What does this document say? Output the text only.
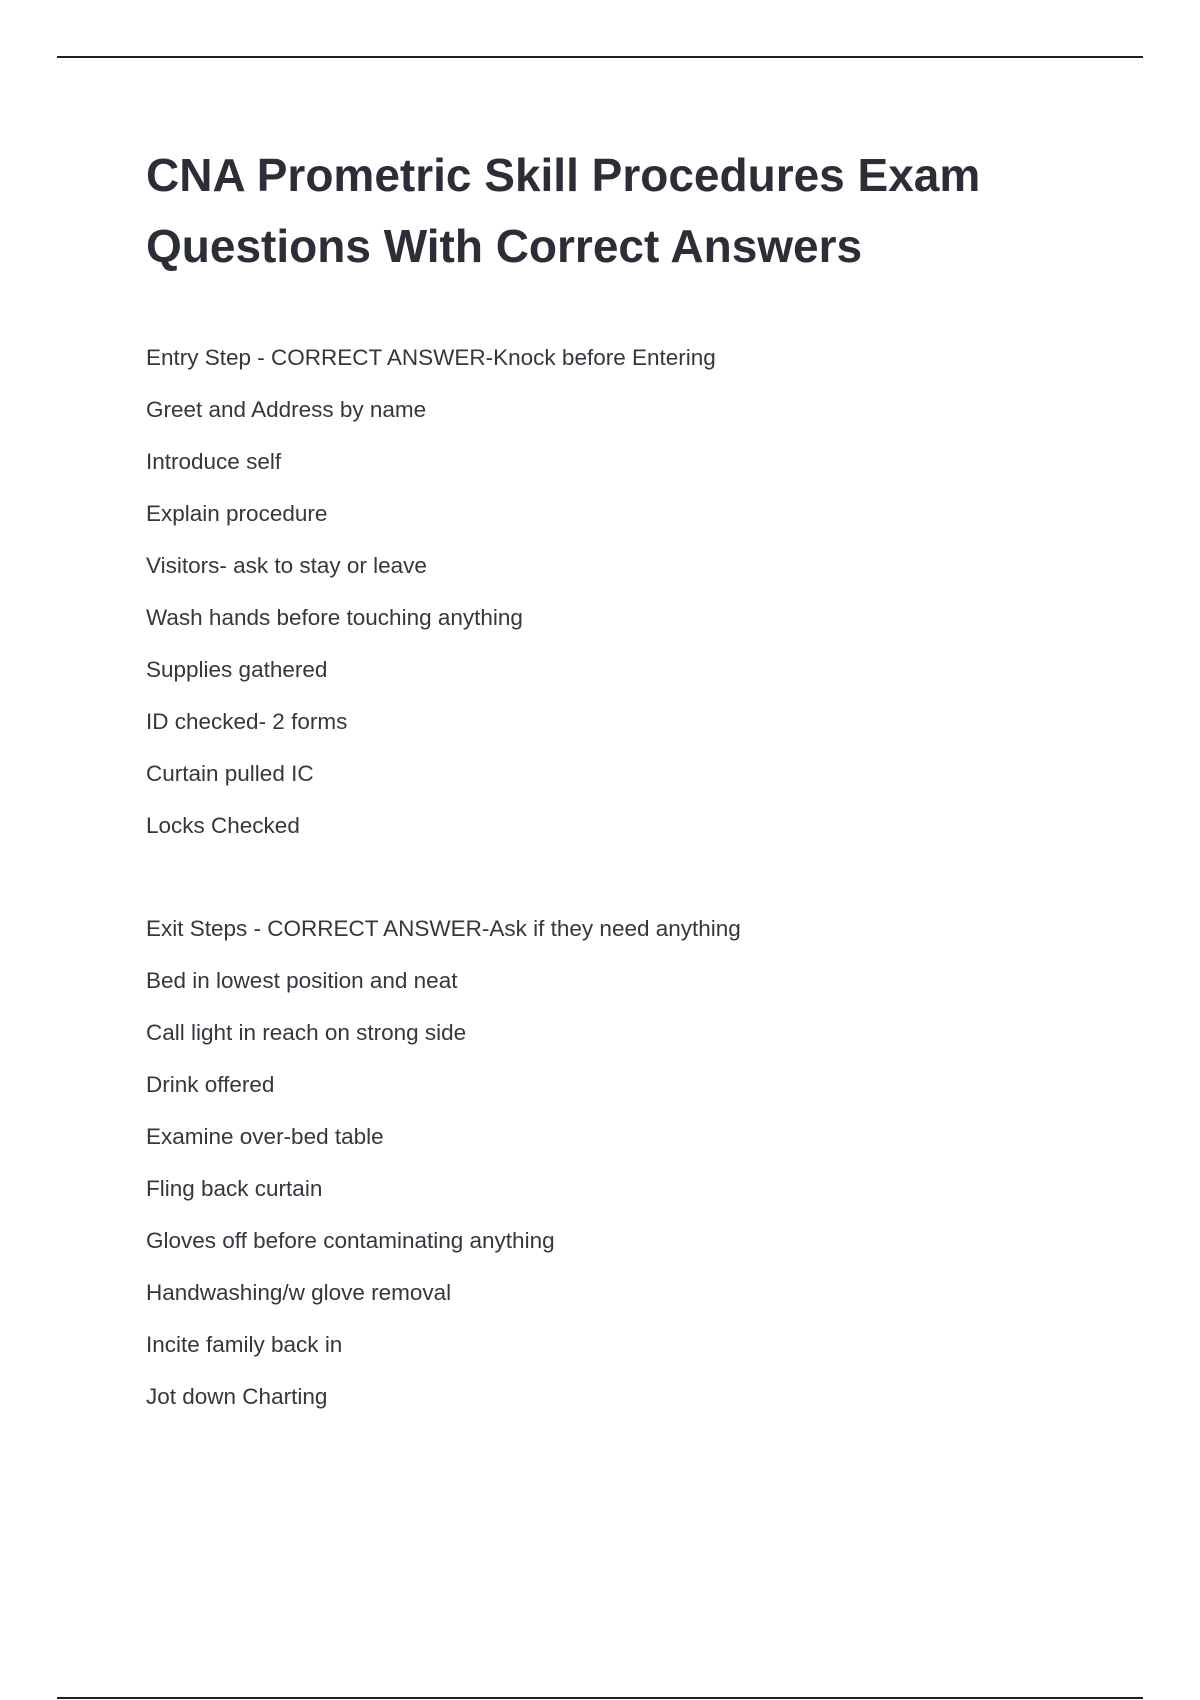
CNA Prometric Skill Procedures Exam
Questions With Correct Answers
Entry Step - CORRECT ANSWER-Knock before Entering
Greet and Address by name
Introduce self
Explain procedure
Visitors- ask to stay or leave
Wash hands before touching anything
Supplies gathered
ID checked- 2 forms
Curtain pulled IC
Locks Checked
Exit Steps - CORRECT ANSWER-Ask if they need anything
Bed in lowest position and neat
Call light in reach on strong side
Drink offered
Examine over-bed table
Fling back curtain
Gloves off before contaminating anything
Handwashing/w glove removal
Incite family back in
Jot down Charting
